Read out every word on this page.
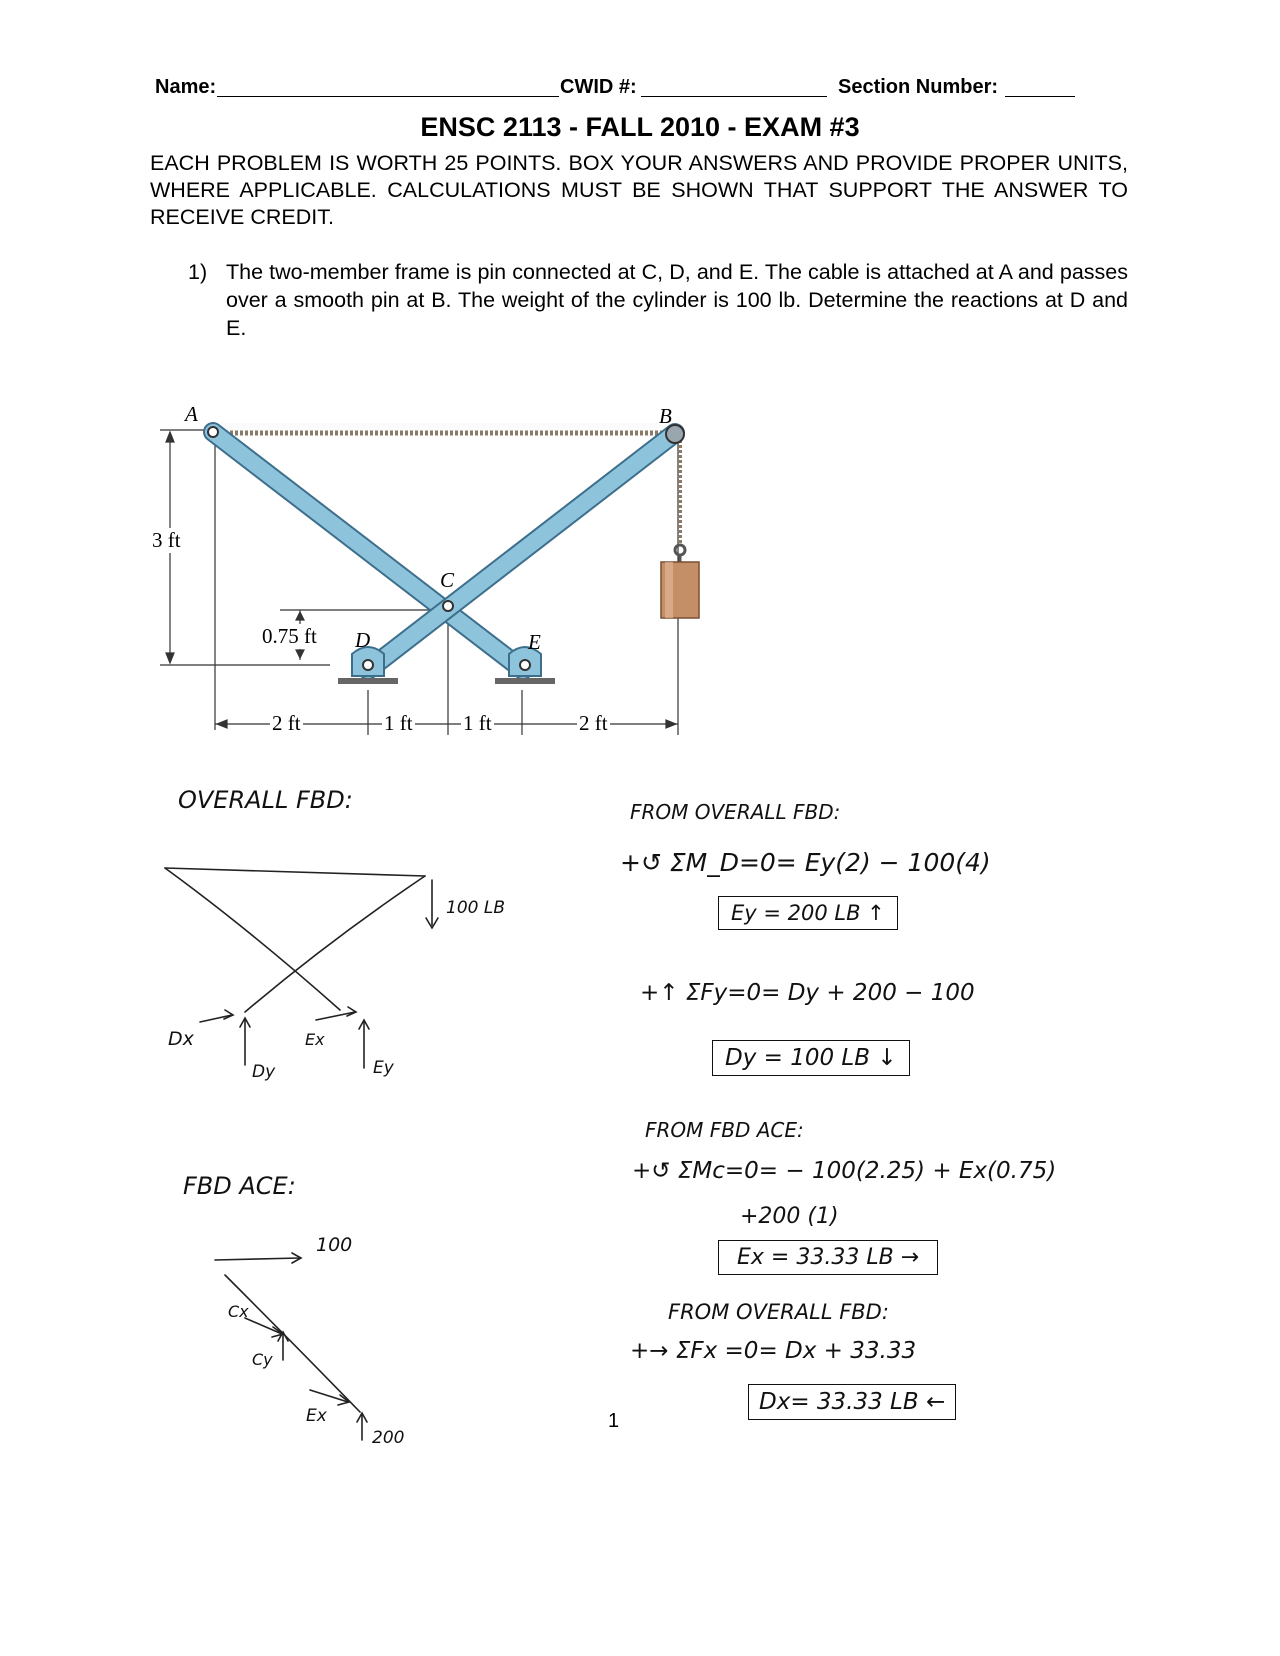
Name:	CWID #:	Section Number:
ENSC 2113 - FALL 2010 - EXAM #3
EACH PROBLEM IS WORTH 25 POINTS. BOX YOUR ANSWERS AND PROVIDE PROPER UNITS, WHERE APPLICABLE. CALCULATIONS MUST BE SHOWN THAT SUPPORT THE ANSWER TO RECEIVE CREDIT.
1) The two-member frame is pin connected at C, D, and E. The cable is attached at A and passes over a smooth pin at B. The weight of the cylinder is 100 lb. Determine the reactions at D and E.
A	B
C
D	E
3 ft
0.75 ft
2 ft	1 ft 1 ft	2 ft
OVERALL FBD:
100 LB
Dx
Dy
Ex
Ey
FBD ACE:
100
Cx
Cy
Ex
200
FROM OVERALL FBD:
+↺ ΣM_D=0= Ey(2) − 100(4)
Ey = 200 LB ↑
+↑ ΣFy=0= Dy + 200 − 100
Dy = 100 LB ↓
FROM FBD ACE:
+↺ ΣMc=0= − 100(2.25) + Ex(0.75)
+200 (1)
Ex = 33.33 LB →
FROM OVERALL FBD:
+→ ΣFx =0= Dx + 33.33
Dx= 33.33 LB ←
1
